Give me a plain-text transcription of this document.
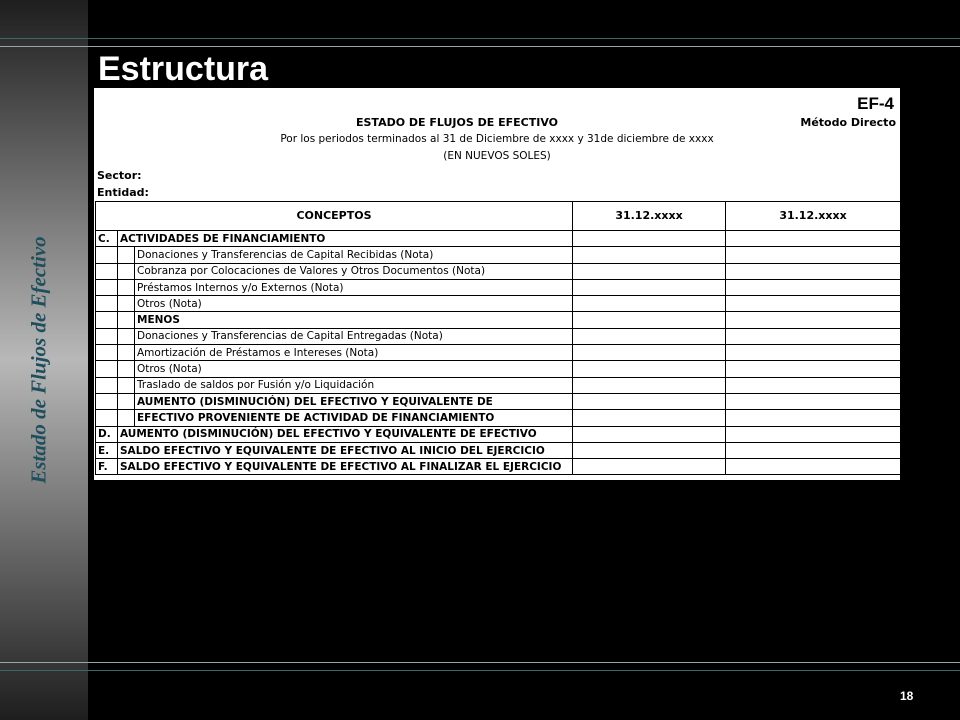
Estado de Flujos de Efectivo
Estructura
EF-4
Método Directo
ESTADO DE FLUJOS DE EFECTIVO
Por los periodos terminados al 31 de Diciembre de xxxx y 31de diciembre de xxxx
(EN NUEVOS SOLES)
Sector:
Entidad:
CONCEPTOS			31.12.xxxx	31.12.xxxx
C.	ACTIVIDADES DE FINANCIAMIENTO			
		Donaciones y Transferencias de Capital Recibidas (Nota)		
		Cobranza por Colocaciones de Valores y Otros Documentos (Nota)		
		Préstamos Internos y/o Externos (Nota)		
		Otros (Nota)		
		MENOS		
		Donaciones y Transferencias de Capital Entregadas (Nota)		
		Amortización de Préstamos e Intereses (Nota)		
		Otros (Nota)		
		Traslado de saldos por Fusión y/o Liquidación		
		AUMENTO (DISMINUCIÓN) DEL EFECTIVO Y EQUIVALENTE DE		
		EFECTIVO PROVENIENTE DE ACTIVIDAD DE FINANCIAMIENTO		
D.	AUMENTO (DISMINUCIÓN) DEL EFECTIVO Y EQUIVALENTE DE EFECTIVO			
E.	SALDO EFECTIVO Y EQUIVALENTE DE EFECTIVO AL INICIO DEL EJERCICIO			
F.	SALDO EFECTIVO Y EQUIVALENTE DE EFECTIVO AL FINALIZAR EL EJERCICIO			
18
